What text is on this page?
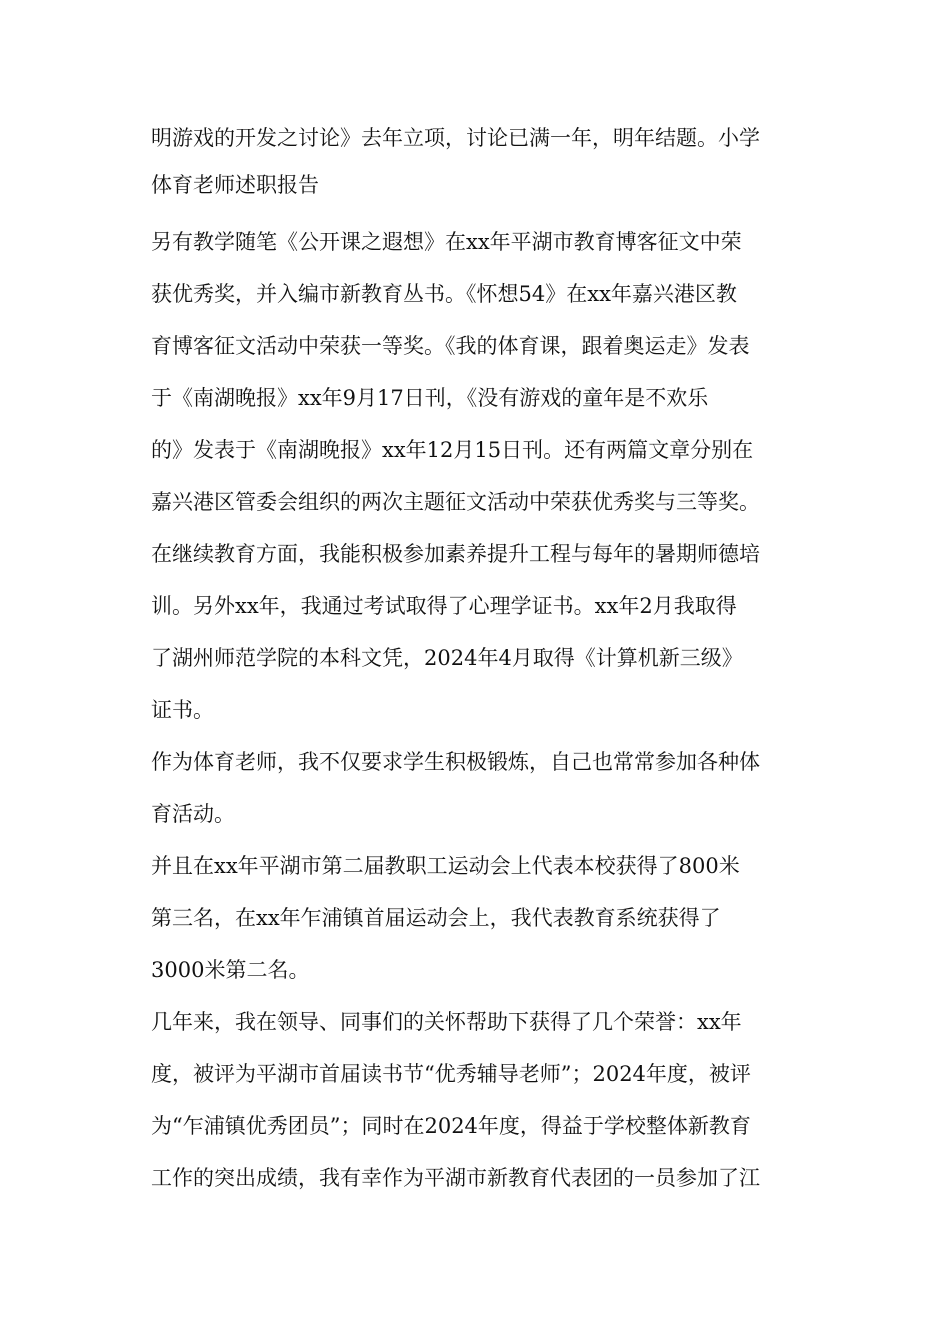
明游戏的开发之讨论》去年立项，讨论已满一年，明年结题。小学
体育老师述职报告
另有教学随笔《公开课之遐想》在xx年平湖市教育博客征文中荣
获优秀奖，并入编市新教育丛书。《怀想54》在xx年嘉兴港区教
育博客征文活动中荣获一等奖。《我的体育课，跟着奥运走》发表
于《南湖晚报》xx年9月17日刊，《没有游戏的童年是不欢乐
的》发表于《南湖晚报》xx年12月15日刊。还有两篇文章分别在
嘉兴港区管委会组织的两次主题征文活动中荣获优秀奖与三等奖。
在继续教育方面，我能积极参加素养提升工程与每年的暑期师德培
训。另外xx年，我通过考试取得了心理学证书。xx年2月我取得
了湖州师范学院的本科文凭，2024年4月取得《计算机新三级》
证书。
作为体育老师，我不仅要求学生积极锻炼，自己也常常参加各种体
育活动。
并且在xx年平湖市第二届教职工运动会上代表本校获得了800米
第三名，在xx年乍浦镇首届运动会上，我代表教育系统获得了
3000米第二名。
几年来，我在领导、同事们的关怀帮助下获得了几个荣誉：xx年
度，被评为平湖市首届读书节“优秀辅导老师”；2024年度，被评
为“乍浦镇优秀团员”；同时在2024年度，得益于学校整体新教育
工作的突出成绩，我有幸作为平湖市新教育代表团的一员参加了江
